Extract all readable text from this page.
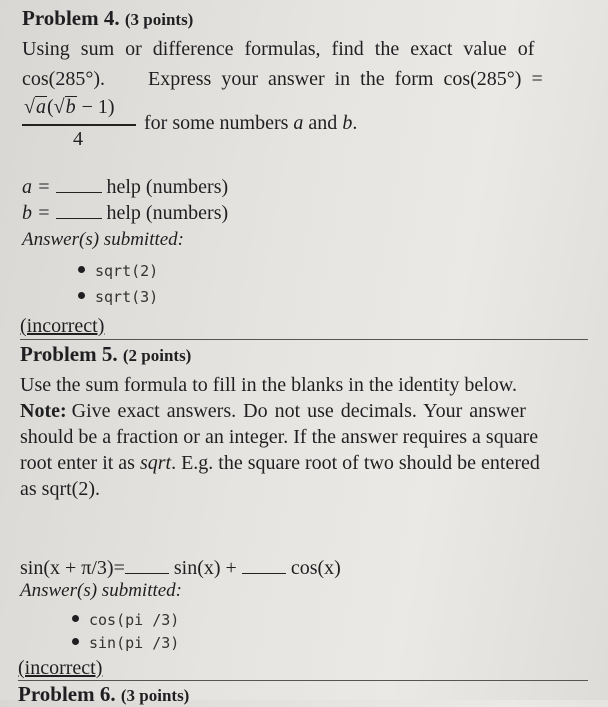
Problem 4. (3 points)
Using sum or difference formulas, find the exact value of
cos(285°). Express your answer in the form cos(285°) =
√a(√b − 1)
4
for some numbers a and b.
a =	help (numbers)
b =	help (numbers)
Answer(s) submitted:
sqrt(2)
sqrt(3)
(incorrect)
Problem 5. (2 points)
Use the sum formula to fill in the blanks in the identity below.
Note: Give exact answers. Do not use decimals. Your answer
should be a fraction or an integer. If the answer requires a square
root enter it as sqrt. E.g. the square root of two should be entered
as sqrt(2).
sin(x + π/3)= sin(x) +	cos(x)
Answer(s) submitted:
cos(pi /3)
sin(pi /3)
(incorrect)
Problem 6. (3 points)
